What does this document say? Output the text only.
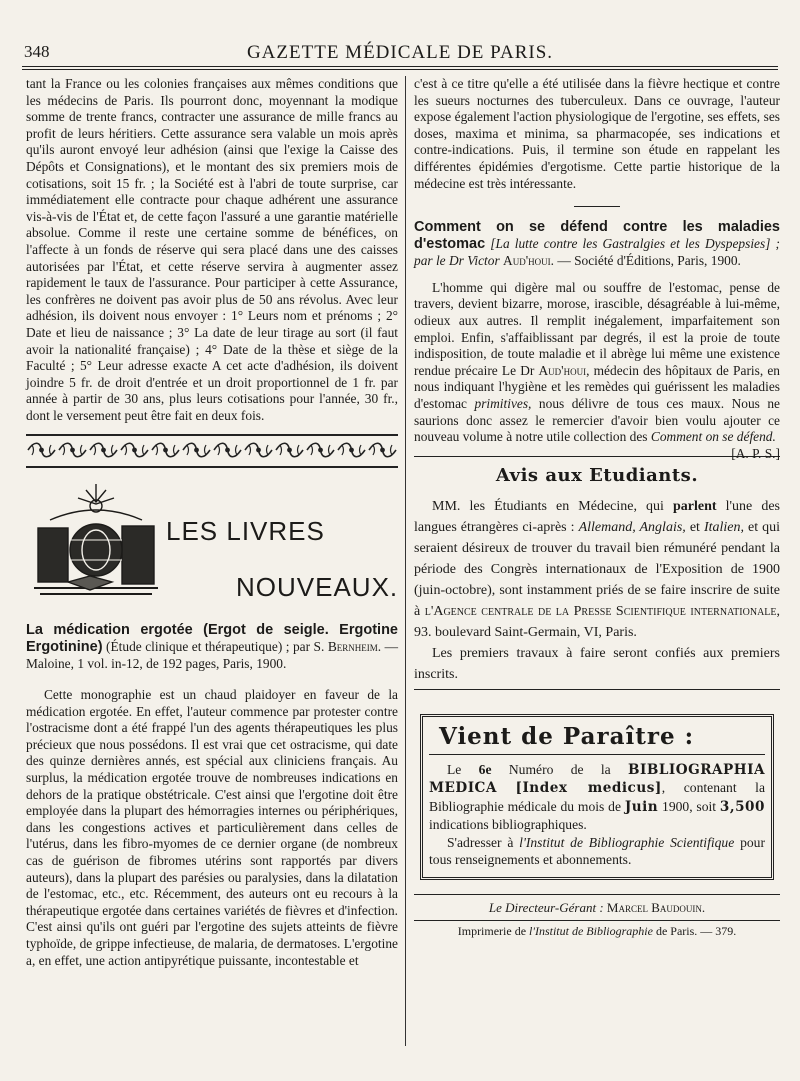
348	GAZETTE MÉDICALE DE PARIS.

tant la France ou les colonies françaises aux mêmes conditions que les médecins de Paris. Ils pourront donc, moyennant la modique somme de trente francs, contracter une assurance de mille francs au profit de leurs héritiers. Cette assurance sera valable un mois après qu'ils auront envoyé leur adhésion (ainsi que l'exige la Caisse des Dépôts et Consignations), et le montant des six premiers mois de cotisations, soit 15 fr. ; la Société est à l'abri de toute surprise, car immédiatement elle contracte pour chaque adhérent une assurance vis-à-vis de l'État et, de cette façon l'assuré a une garantie matérielle absolue. Comme il reste une certaine somme de bénéfices, on l'affecte à un fonds de réserve qui sera placé dans une des caisses autorisées par l'État, et cette réserve servira à augmenter assez rapidement le taux de l'assurance. Pour participer à cette Assurance, les confrères ne doivent pas avoir plus de 50 ans révolus. Avec leur adhésion, ils doivent nous envoyer : 1° Leurs nom et prénoms ; 2° Date et lieu de naissance ; 3° La date de leur tirage au sort (il faut avoir la nationalité française) ; 4° Date de la thèse et siège de la Faculté ; 5° Leur adresse exacte A cet acte d'adhésion, ils doivent joindre 5 fr. de droit d'entrée et un droit proportionnel de 1 fr. par année à partir de 30 ans, plus leurs cotisations pour l'année, 30 fr., dont le versement peut être fait en deux fois.

LES LIVRES
NOUVEAUX.

La médication ergotée (Ergot de seigle. Ergotine Ergotinine) (Étude clinique et thérapeutique) ; par S. Bernheim. — Maloine, 1 vol. in-12, de 192 pages, Paris, 1900.

Cette monographie est un chaud plaidoyer en faveur de la médication ergotée. En effet, l'auteur commence par protester contre l'ostracisme dont a été frappé l'un des agents thérapeutiques les plus précieux que nous possédons. Il est vrai que cet ostracisme, qui date des quinze dernières annés, est spécial aux cliniciens français. Au surplus, la médication ergotée trouve de nombreuses indications en dehors de la pratique obstétricale. C'est ainsi que l'ergotine doit être employée dans la plupart des hémorragies internes ou périphériques, dans les congestions actives et particulièrement dans celles de l'utérus, dans les fibro-myomes de ce dernier organe (de nombreux cas de guérison de fibromes utérins sont rapportés par divers auteurs), dans la plupart des parésies ou paralysies, dans la dilatation de l'estomac, etc., etc. Récemment, des auteurs ont eu recours à la thérapeutique ergotée dans certaines variétés de fièvres et d'infection. C'est ainsi qu'ils ont guéri par l'ergotine des sujets atteints de fièvre typhoïde, de grippe infectieuse, de malaria, de dermatoses. L'ergotine a, en effet, une action antipyrétique puissante, incontestable et

c'est à ce titre qu'elle a été utilisée dans la fièvre hectique et contre les sueurs nocturnes des tuberculeux. Dans ce ouvrage, l'auteur expose également l'action physiologique de l'ergotine, ses effets, ses doses, maxima et minima, sa pharmacopée, ses indications et contre-indications. Puis, il termine son étude en rappelant les différentes épidémies d'ergotisme. Cette partie historique de la médecine est très intéressante.

Comment on se défend contre les maladies d'estomac [La lutte contre les Gastralgies et les Dyspepsies] ; par le Dr Victor Aud'houi. — Société d'Éditions, Paris, 1900.

L'homme qui digère mal ou souffre de l'estomac, pense de travers, devient bizarre, morose, irascible, désagréable à lui-même, odieux aux autres. Il remplit inégalement, imparfaitement son emploi. Enfin, s'affaiblissant par degrés, il est la proie de toute indisposition, de toute maladie et il abrège lui même une existence rendue précaire Le Dr Aud'houi, médecin des hôpitaux de Paris, en nous indiquant l'hygiène et les remèdes qui guérissent les maladies d'estomac primitives, nous délivre de tous ces maux. Nous ne saurions donc assez le remercier d'avoir bien voulu ajouter ce nouveau volume à notre utile collection des Comment on se défend.
[A. P. S.]

Avis aux Etudiants.

MM. les Étudiants en Médecine, qui parlent l'une des langues étrangères ci-après : Allemand, Anglais, et Italien, et qui seraient désireux de trouver du travail bien rémunéré pendant la période des Congrès internationaux de l'Exposition de 1900 (juin-octobre), sont instamment priés de se faire inscrire de suite à l'Agence centrale de la Presse Scientifique internationale, 93. boulevard Saint-Germain, VI, Paris.

Les premiers travaux à faire seront confiés aux premiers inscrits.

Vient de Paraître :

Le 6e Numéro de la BIBLIOGRAPHIA MEDICA [Index medicus], contenant la Bibliographie médicale du mois de Juin 1900, soit 3,500 indications bibliographiques.

S'adresser à l'Institut de Bibliographie Scientifique pour tous renseignements et abonnements.

Le Directeur-Gérant : Marcel Baudouin.

Imprimerie de l'Institut de Bibliographie de Paris. — 379.
